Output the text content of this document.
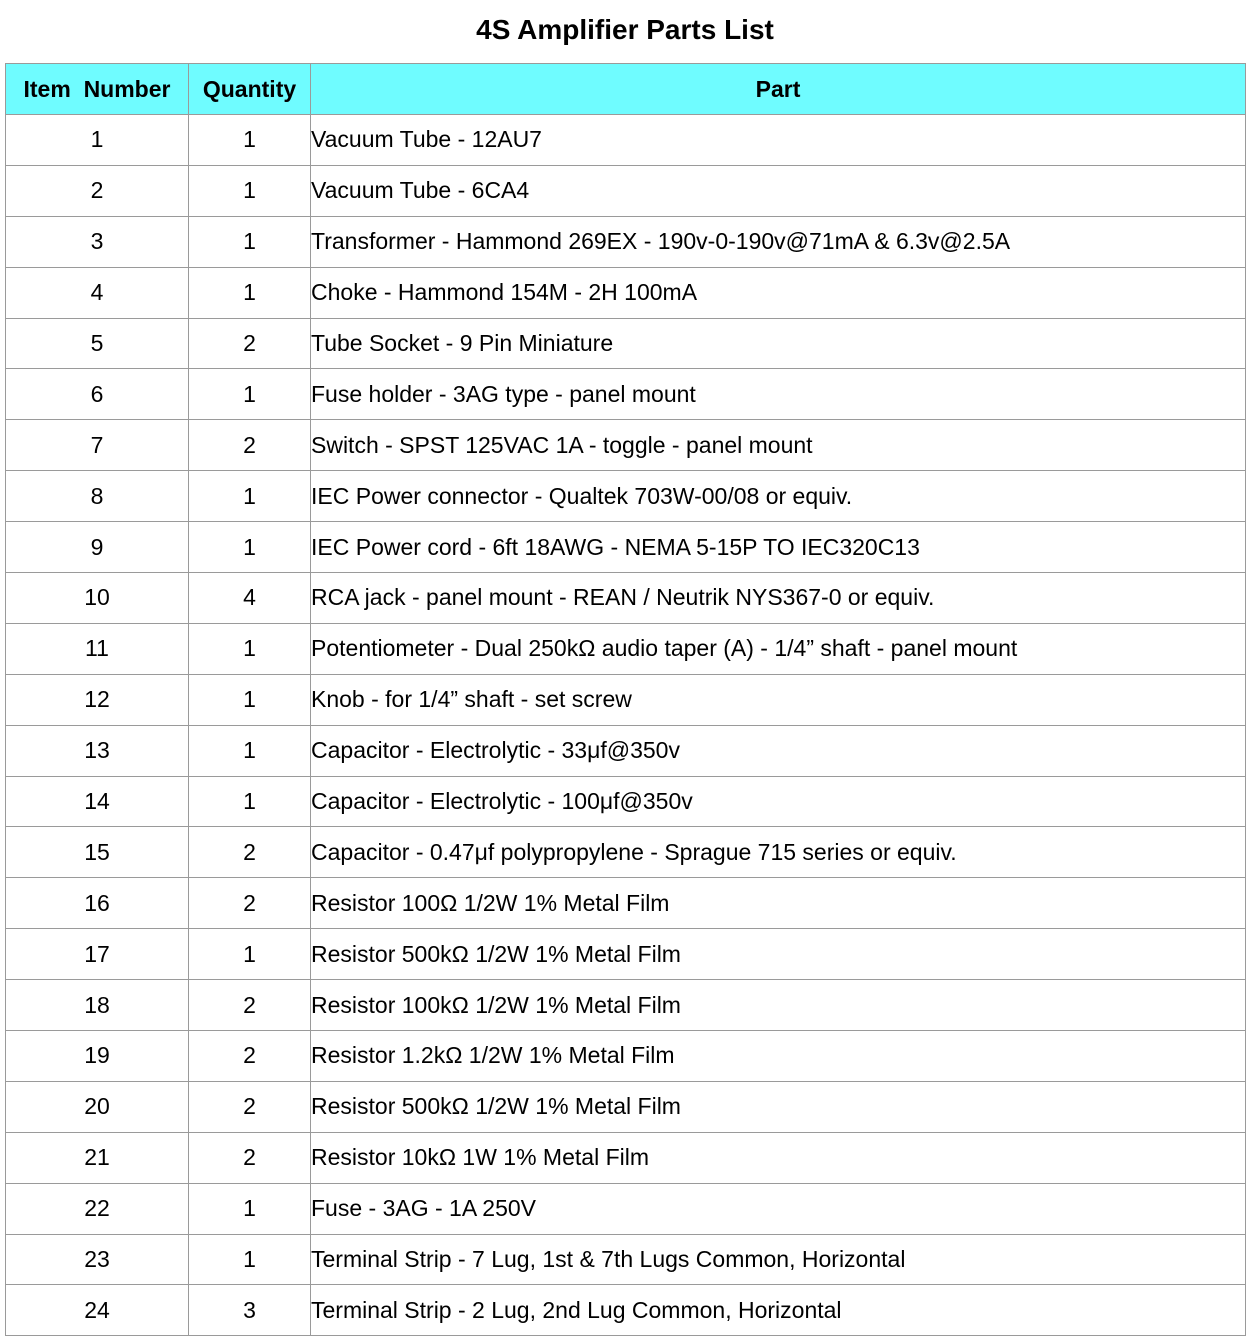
4S Amplifier Parts List
Item  Number	Quantity	Part
1	1	Vacuum Tube - 12AU7
2	1	Vacuum Tube - 6CA4
3	1	Transformer - Hammond 269EX - 190v-0-190v@71mA & 6.3v@2.5A
4	1	Choke - Hammond 154M - 2H 100mA
5	2	Tube Socket - 9 Pin Miniature
6	1	Fuse holder - 3AG type - panel mount
7	2	Switch - SPST 125VAC 1A - toggle - panel mount
8	1	IEC Power connector - Qualtek 703W-00/08 or equiv.
9	1	IEC Power cord - 6ft 18AWG - NEMA 5-15P TO IEC320C13
10	4	RCA jack - panel mount - REAN / Neutrik NYS367-0 or equiv.
11	1	Potentiometer - Dual 250kΩ audio taper (A) - 1/4” shaft - panel mount
12	1	Knob - for 1/4” shaft - set screw
13	1	Capacitor - Electrolytic - 33μf@350v
14	1	Capacitor - Electrolytic - 100μf@350v
15	2	Capacitor - 0.47μf polypropylene - Sprague 715 series or equiv.
16	2	Resistor 100Ω 1/2W 1% Metal Film
17	1	Resistor 500kΩ 1/2W 1% Metal Film
18	2	Resistor 100kΩ 1/2W 1% Metal Film
19	2	Resistor 1.2kΩ 1/2W 1% Metal Film
20	2	Resistor 500kΩ 1/2W 1% Metal Film
21	2	Resistor 10kΩ 1W 1% Metal Film
22	1	Fuse - 3AG - 1A 250V
23	1	Terminal Strip - 7 Lug, 1st & 7th Lugs Common, Horizontal
24	3	Terminal Strip - 2 Lug, 2nd Lug Common, Horizontal
